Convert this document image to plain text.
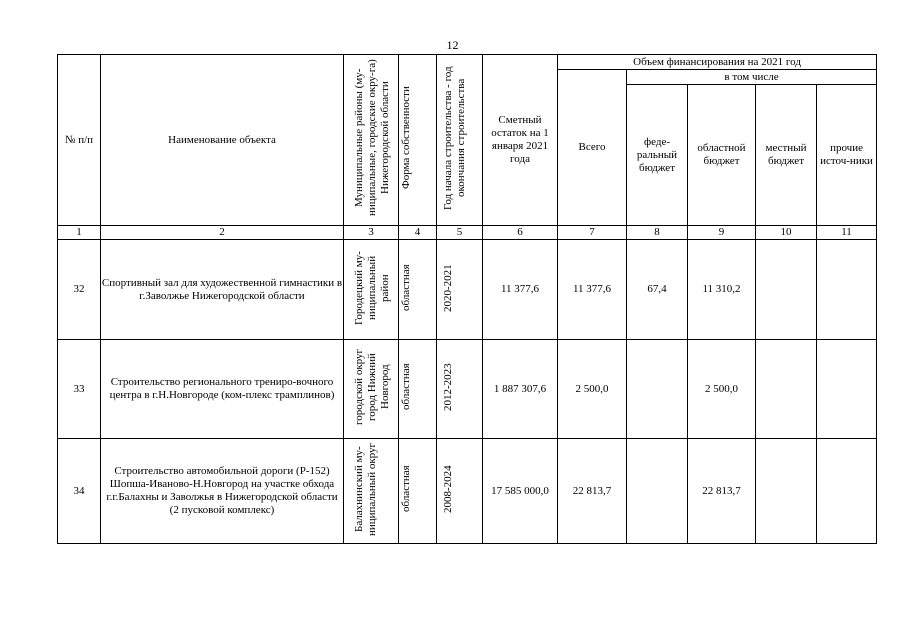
12
№ п/п	Наименование объекта	Муниципальные районы (му-ниципальные, городские окру-га) Нижегородской области	Форма собственности	Год начала строительства - год окончания строительства	Сметный остаток на 1 января 2021 года	Объем финансирования на 2021 год				
						Всего	в том числе			
							феде-ральный бюджет	областной бюджет	местный бюджет	прочие источ-ники
1	2	3	4	5	6	7	8	9	10	11
32	Спортивный зал для художественной гимнастики в г.Заволжье Нижегородской области	Городецкий му-ниципальный район	областная	2020-2021	11 377,6	11 377,6	67,4	11 310,2		
33	Строительство регионального трениро-вочного центра в г.Н.Новгороде (ком-плекс трамплинов)	городской округ город Нижний Новгород	областная	2012-2023	1 887 307,6	2 500,0		2 500,0		
34	Строительство автомобильной дороги (Р-152) Шопша-Иваново-Н.Новгород на участке обхода г.г.Балахны и Заволжья в Нижегородской области (2 пусковой комплекс)	Балахнинский му-ниципальный округ	областная	2008-2024	17 585 000,0	22 813,7		22 813,7		
